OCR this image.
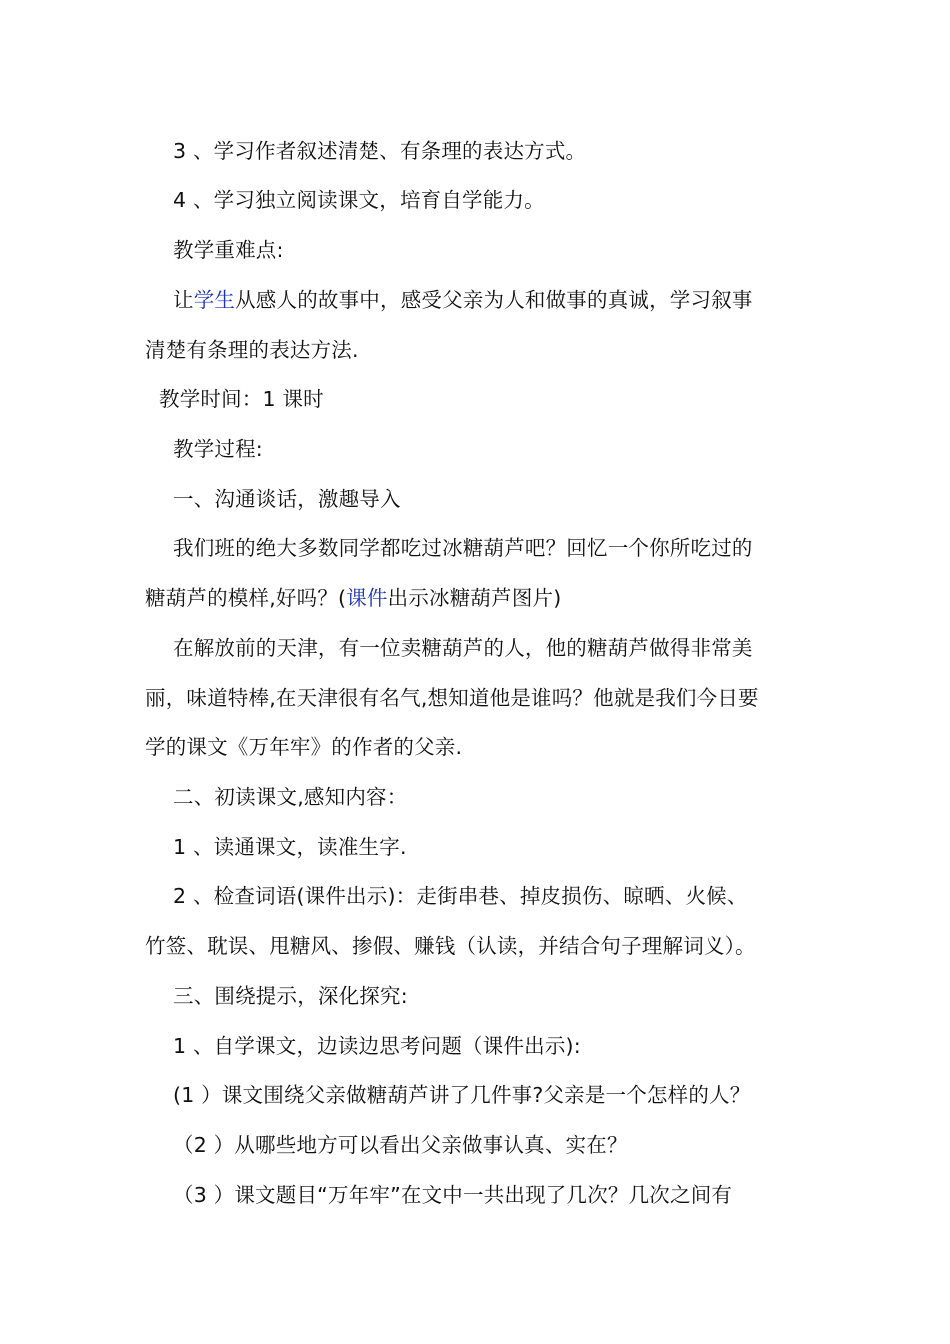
3 、学习作者叙述清楚、有条理的表达方式。
4 、学习独立阅读课文，培育自学能力。
教学重难点:
让学生从感人的故事中，感受父亲为人和做事的真诚，学习叙事
清楚有条理的表达方法.
教学时间：1 课时
教学过程:
一、沟通谈话，激趣导入
我们班的绝大多数同学都吃过冰糖葫芦吧？回忆一个你所吃过的
糖葫芦的模样,好吗？(课件出示冰糖葫芦图片)
在解放前的天津，有一位卖糖葫芦的人，他的糖葫芦做得非常美
丽，味道特棒,在天津很有名气,想知道他是谁吗？他就是我们今日要
学的课文《万年牢》的作者的父亲.
二、初读课文,感知内容：
1 、读通课文，读准生字.
2 、检查词语(课件出示)：走街串巷、掉皮损伤、晾晒、火候、
竹签、耽误、甩糖风、掺假、赚钱（认读，并结合句子理解词义）。
三、围绕提示，深化探究:
1 、自学课文，边读边思考问题（课件出示):
(1 ）课文围绕父亲做糖葫芦讲了几件事?父亲是一个怎样的人？
（2 ）从哪些地方可以看出父亲做事认真、实在？
（3 ）课文题目“万年牢”在文中一共出现了几次？几次之间有
